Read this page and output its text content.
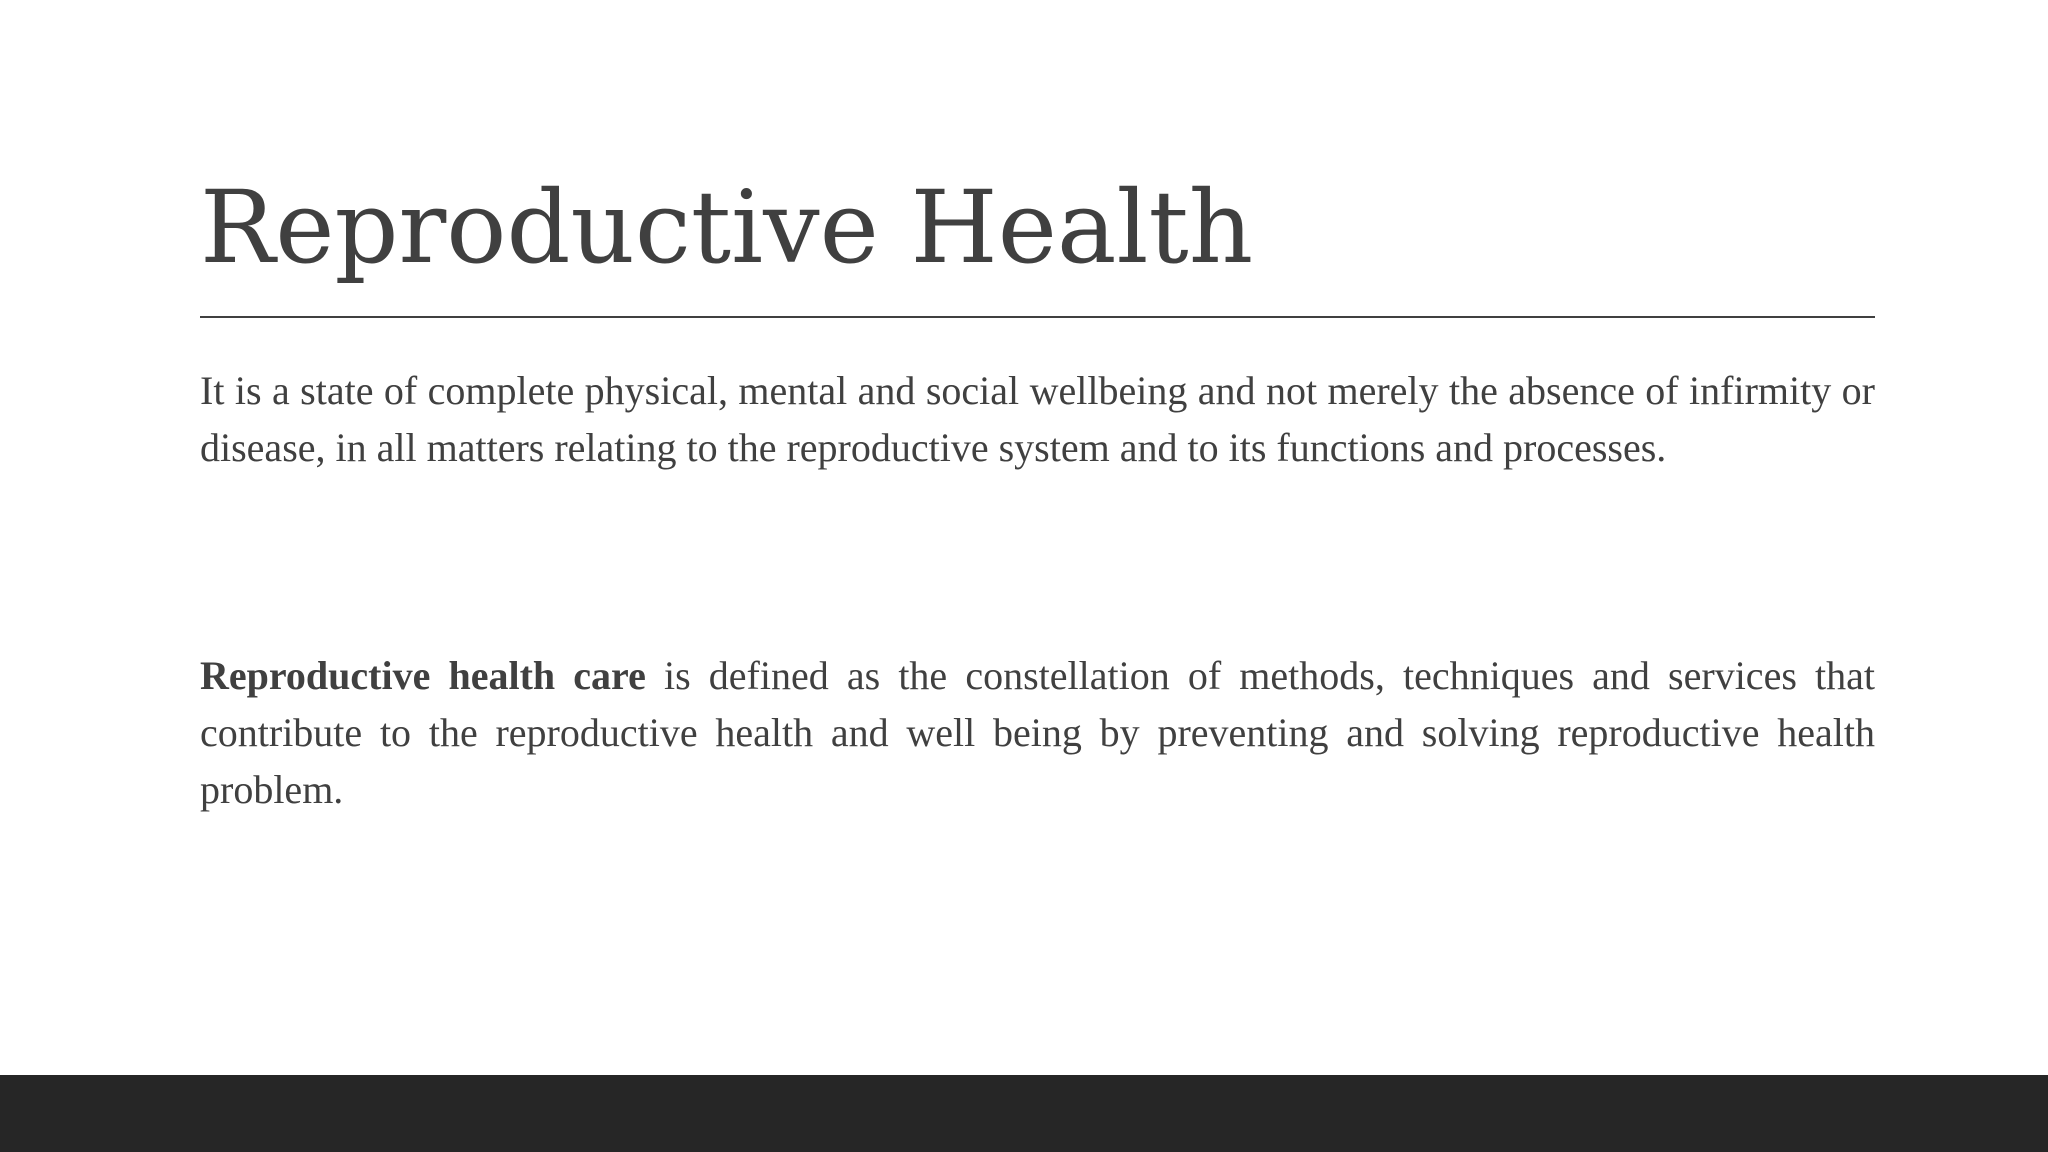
Reproductive Health

It is a state of complete physical, mental and social wellbeing and not merely the absence of infirmity or disease, in all matters relating to the reproductive system and to its functions and processes.

Reproductive health care is defined as the constellation of methods, techniques and services that contribute to the reproductive health and well being by preventing and solving reproductive health problem.
